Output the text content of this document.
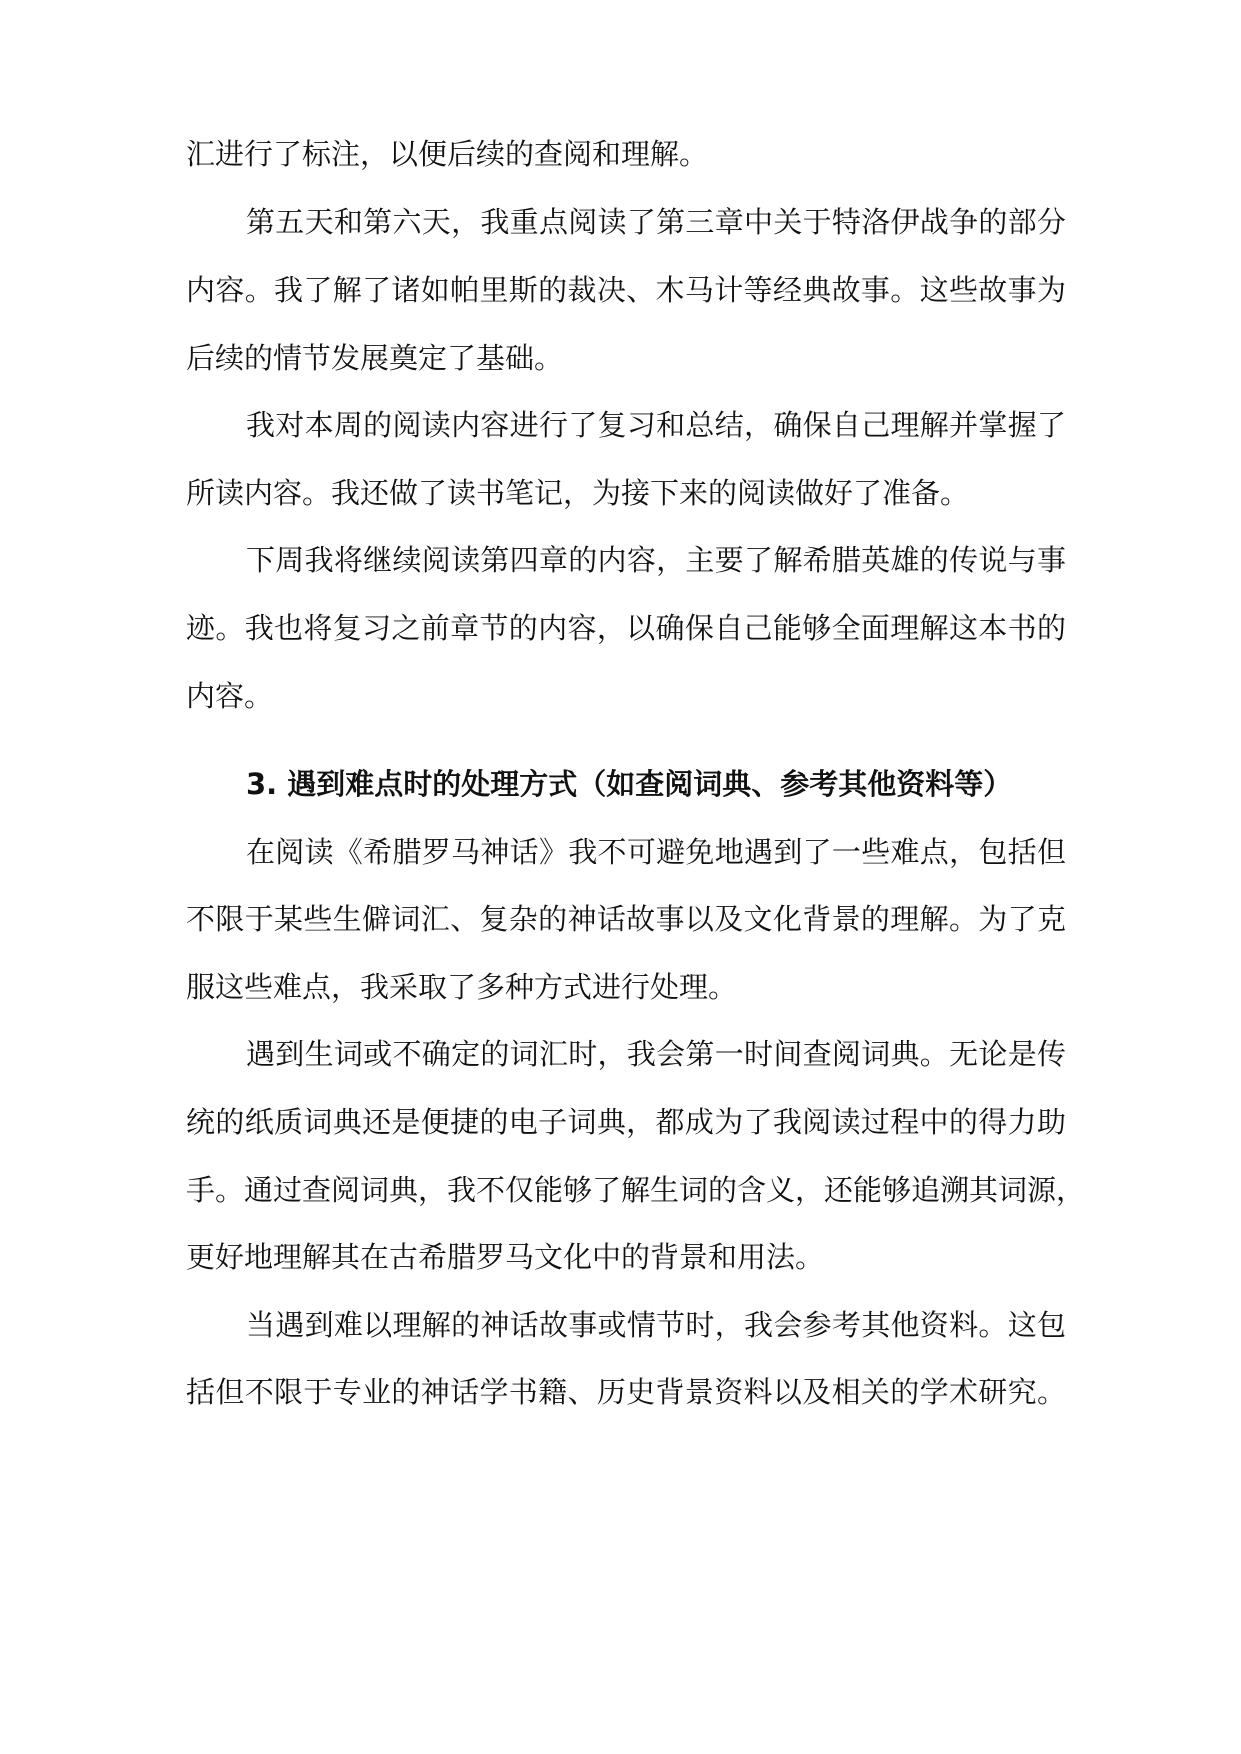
汇进行了标注，以便后续的查阅和理解。
第五天和第六天，我重点阅读了第三章中关于特洛伊战争的部分
内容。我了解了诸如帕里斯的裁决、木马计等经典故事。这些故事为
后续的情节发展奠定了基础。
我对本周的阅读内容进行了复习和总结，确保自己理解并掌握了
所读内容。我还做了读书笔记，为接下来的阅读做好了准备。
下周我将继续阅读第四章的内容，主要了解希腊英雄的传说与事
迹。我也将复习之前章节的内容，以确保自己能够全面理解这本书的
内容。
3. 遇到难点时的处理方式（如查阅词典、参考其他资料等）
在阅读《希腊罗马神话》我不可避免地遇到了一些难点，包括但
不限于某些生僻词汇、复杂的神话故事以及文化背景的理解。为了克
服这些难点，我采取了多种方式进行处理。
遇到生词或不确定的词汇时，我会第一时间查阅词典。无论是传
统的纸质词典还是便捷的电子词典，都成为了我阅读过程中的得力助
手。通过查阅词典，我不仅能够了解生词的含义，还能够追溯其词源，
更好地理解其在古希腊罗马文化中的背景和用法。
当遇到难以理解的神话故事或情节时，我会参考其他资料。这包
括但不限于专业的神话学书籍、历史背景资料以及相关的学术研究。
